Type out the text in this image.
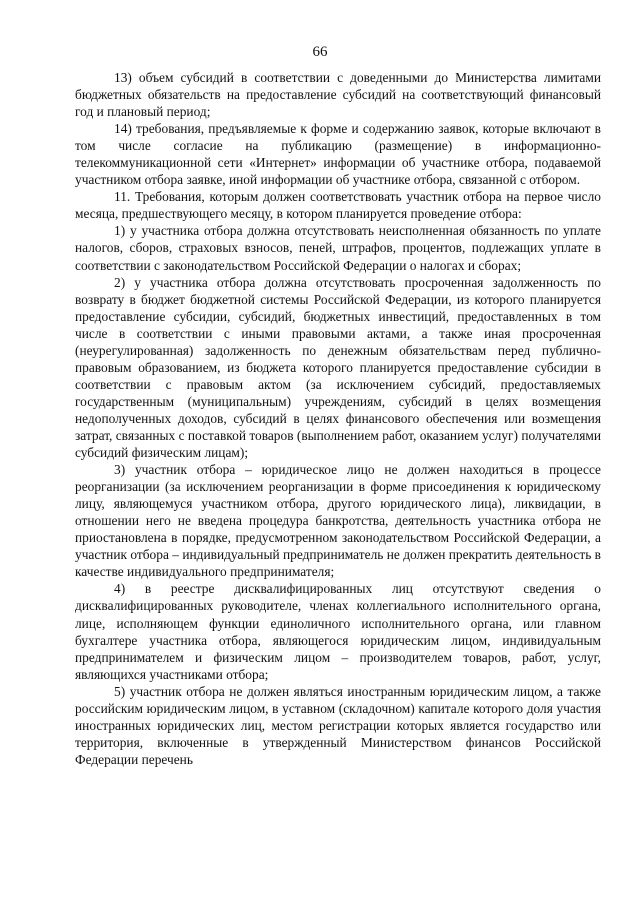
66

13) объем субсидий в соответствии с доведенными до Министерства лимитами бюджетных обязательств на предоставление субсидий на соответствующий финансовый год и плановый период;

14) требования, предъявляемые к форме и содержанию заявок, которые включают в том числе согласие на публикацию (размещение) в информационно-телекоммуникационной сети «Интернет» информации об участнике отбора, подаваемой участником отбора заявке, иной информации об участнике отбора, связанной с отбором.

11. Требования, которым должен соответствовать участник отбора на первое число месяца, предшествующего месяцу, в котором планируется проведение отбора:

1) у участника отбора должна отсутствовать неисполненная обязанность по уплате налогов, сборов, страховых взносов, пеней, штрафов, процентов, подлежащих уплате в соответствии с законодательством Российской Федерации о налогах и сборах;

2) у участника отбора должна отсутствовать просроченная задолженность по возврату в бюджет бюджетной системы Российской Федерации, из которого планируется предоставление субсидии, субсидий, бюджетных инвестиций, предоставленных в том числе в соответствии с иными правовыми актами, а также иная просроченная (неурегулированная) задолженность по денежным обязательствам перед публично-правовым образованием, из бюджета которого планируется предоставление субсидии в соответствии с правовым актом (за исключением субсидий, предоставляемых государственным (муниципальным) учреждениям, субсидий в целях возмещения недополученных доходов, субсидий в целях финансового обеспечения или возмещения затрат, связанных с поставкой товаров (выполнением работ, оказанием услуг) получателями субсидий физическим лицам);

3) участник отбора – юридическое лицо не должен находиться в процессе реорганизации (за исключением реорганизации в форме присоединения к юридическому лицу, являющемуся участником отбора, другого юридического лица), ликвидации, в отношении него не введена процедура банкротства, деятельность участника отбора не приостановлена в порядке, предусмотренном законодательством Российской Федерации, а участник отбора – индивидуальный предприниматель не должен прекратить деятельность в качестве индивидуального предпринимателя;

4) в реестре дисквалифицированных лиц отсутствуют сведения о дисквалифицированных руководителе, членах коллегиального исполнительного органа, лице, исполняющем функции единоличного исполнительного органа, или главном бухгалтере участника отбора, являющегося юридическим лицом, индивидуальным предпринимателем и физическим лицом – производителем товаров, работ, услуг, являющихся участниками отбора;

5) участник отбора не должен являться иностранным юридическим лицом, а также российским юридическим лицом, в уставном (складочном) капитале которого доля участия иностранных юридических лиц, местом регистрации которых является государство или территория, включенные в утвержденный Министерством финансов Российской Федерации перечень
